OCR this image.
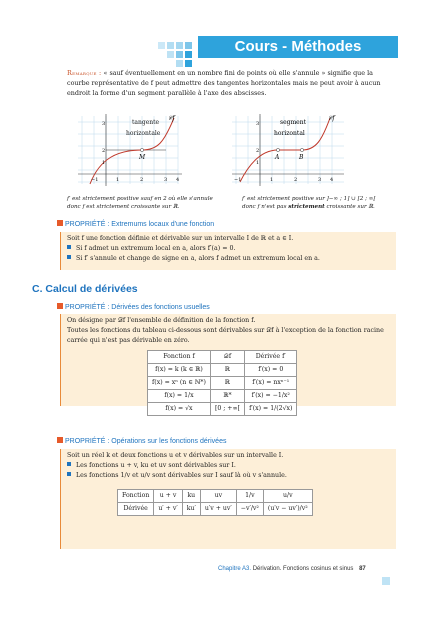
Cours - Méthodes
Remarque : « sauf éventuellement en un nombre fini de points où elle s'annule » signifie que la courbe représentative de f peut admettre des tangentes horizontales mais ne peut avoir à aucun endroit la forme d'un segment parallèle à l'axe des abscisses.
3
2
1
−1	1	2	3 4
tangente
horizontale
𝒞f
M
3
2
1
−1	1	2	3 4
segment
horizontal
𝒞f
A	B
f′ est strictement positive sauf en 2 où elle s'annule
donc f est strictement croissante sur ℝ.
f′ est strictement positive sur ]−∞ ; 1] ∪ [2 ; ∞[
donc f n'est pas strictement croissante sur ℝ.
PROPRIÉTÉ : Extremums locaux d'une fonction
Soit f une fonction définie et dérivable sur un intervalle I de ℝ et a ∈ I.
Si f admet un extremum local en a, alors f′(a) = 0.
Si f′ s'annule et change de signe en a, alors f admet un extremum local en a.
C. Calcul de dérivées
PROPRIÉTÉ : Dérivées des fonctions usuelles
On désigne par 𝒟f l'ensemble de définition de la fonction f.
Toutes les fonctions du tableau ci-dessous sont dérivables sur 𝒟f à l'exception de la fonction racine carrée qui n'est pas dérivable en zéro.
Fonction f	𝒟f	Dérivée f′
f(x) = k (k ∈ ℝ)	ℝ	f′(x) = 0
f(x) = xⁿ (n ∈ ℕ*)	ℝ	f′(x) = nxⁿ⁻¹
f(x) = 1/x	ℝ*	f′(x) = −1/x²
f(x) = √x	[0 ; +∞[	f′(x) = 1/(2√x)
PROPRIÉTÉ : Opérations sur les fonctions dérivées
Soit un réel k et deux fonctions u et v dérivables sur un intervalle I.
Les fonctions u + v, ku et uv sont dérivables sur I.
Les fonctions 1/v et u/v sont dérivables sur I sauf là où v s'annule.
Fonction	u + v	ku	uv	1/v	u/v
Dérivée	u′ + v′	ku′	u′v + uv′	−v′/v²	(u′v − uv′)/v²
Chapitre A3. Dérivation. Fonctions cosinus et sinus 87
